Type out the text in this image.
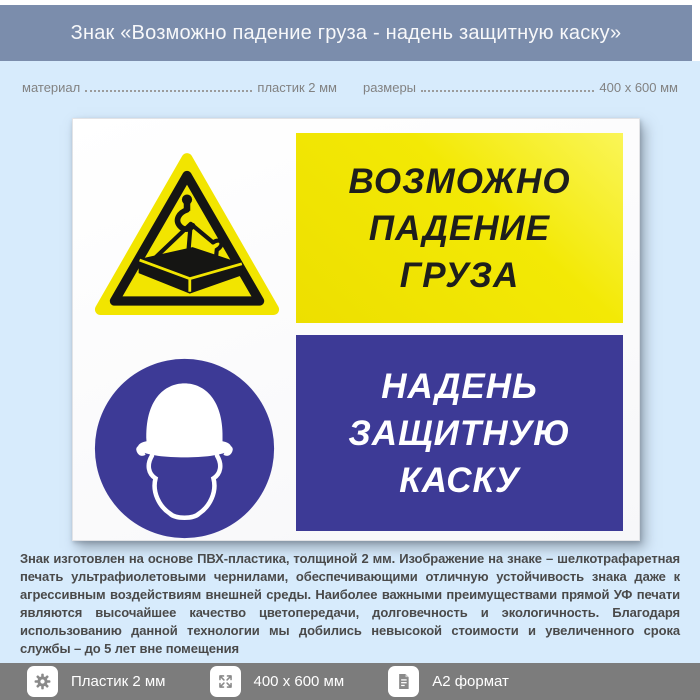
Знак «Возможно падение груза - надень защитную каску»
материал	пластик 2 мм размеры	400 x 600 мм
ВОЗМОЖНО
ПАДЕНИЕ
ГРУЗА
НАДЕНЬ
ЗАЩИТНУЮ
КАСКУ
Знак изготовлен на основе ПВХ-пластика, толщиной 2 мм. Изображение на знаке – шелкотрафаретная печать ультрафиолетовыми чернилами, обеспечивающими отличную устойчивость знака даже к агрессивным воздействиям внешней среды. Наиболее важными преимуществами прямой УФ печати являются высочайшее качество цветопередачи, долговечность и экологичность. Благодаря использованию данной технологии мы добились невысокой стоимости и увеличенного срока службы – до 5 лет вне помещения
Пластик 2 мм	400 x 600 мм	А2 формат
